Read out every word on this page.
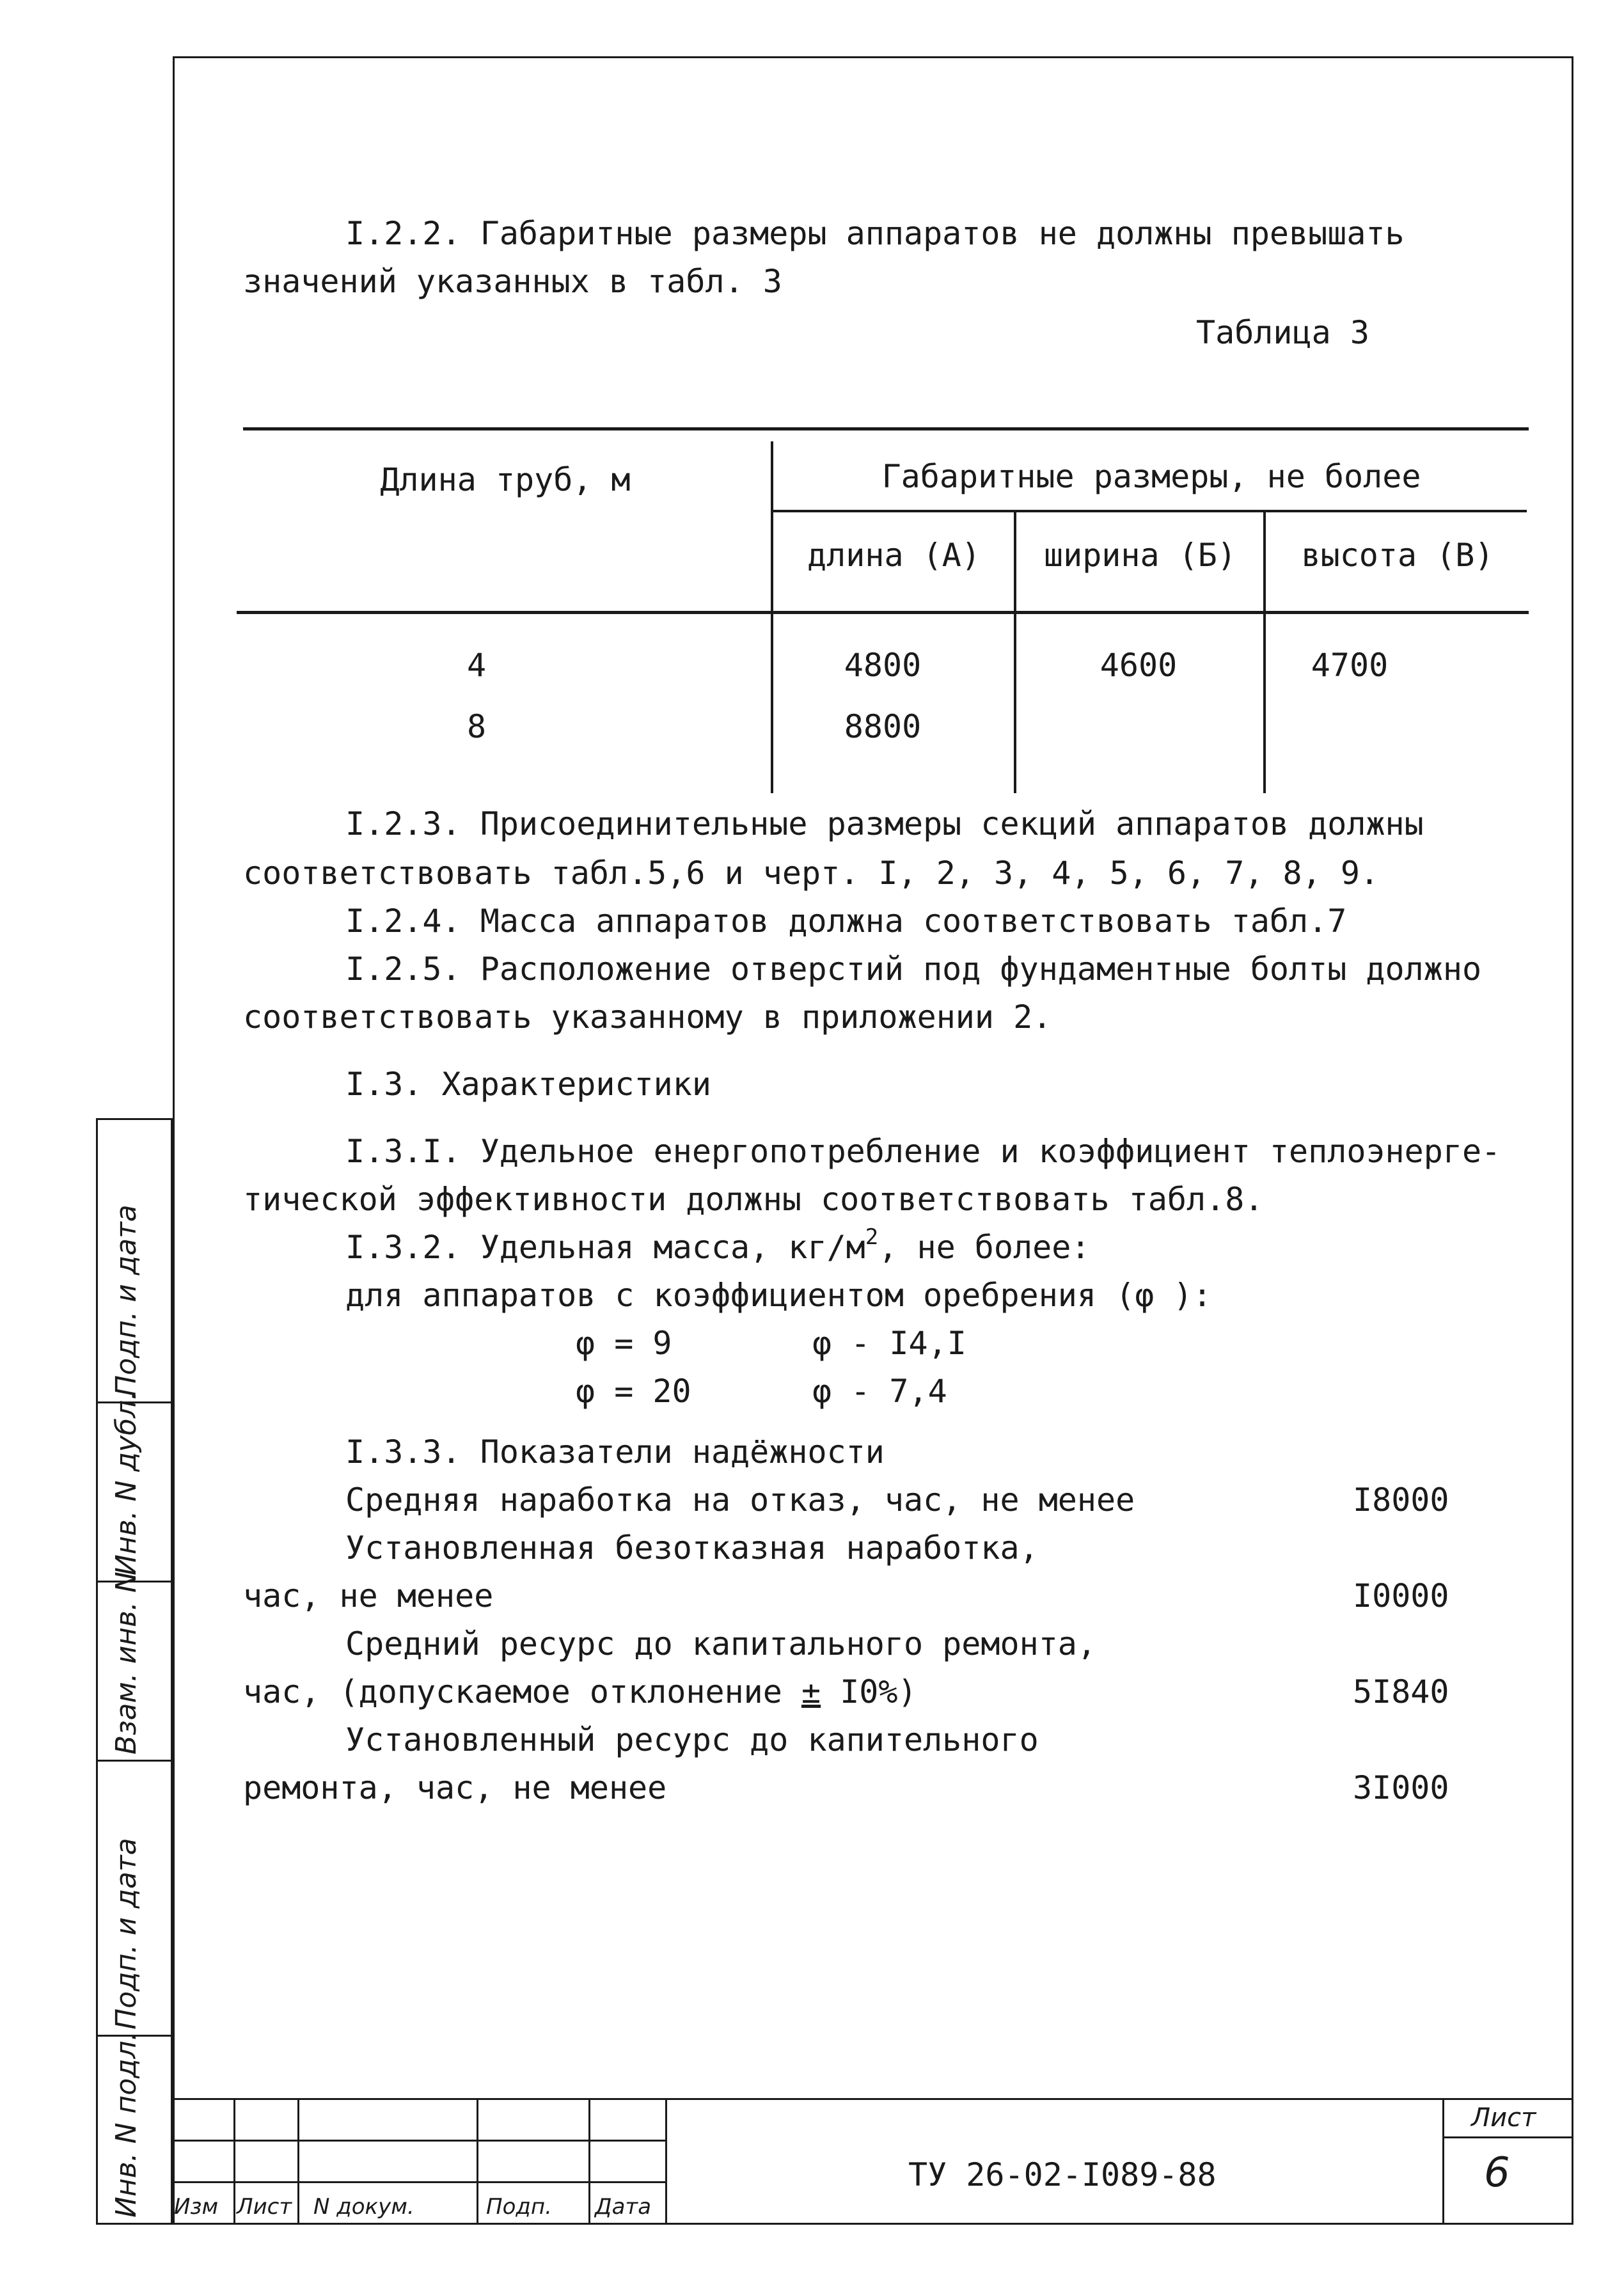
I.2.2. Габаритные размеры аппаратов не должны превышать
значений указанных в табл. 3
Таблица 3
Длина труб, м	Габаритные размеры, не более
длина (А)	ширина (Б)	высота (В)
4	4800	4600	4700
8	8800
I.2.3. Присоединительные размеры секций аппаратов должны
соответствовать табл.5,6 и черт. I, 2, 3, 4, 5, 6, 7, 8, 9.
I.2.4. Масса аппаратов должна соответствовать табл.7
I.2.5. Расположение отверстий под фундаментные болты должно
соответствовать указанному в приложении 2.
I.3. Характеристики
I.3.I. Удельное енергопотребление и коэффициент теплоэнерге-
тической эффективности должны соответствовать табл.8.
I.3.2. Удельная масса, $кг/м^2$, не более:
для аппаратов с коэффициентом оребрения (φ ):
φ = 9	φ - I4,I
φ = 20	φ - 7,4
I.3.3. Показатели надёжности
Средняя наработка на отказ, час, не менее	I8000
Установленная безотказная наработка,
час, не менее	I0000
Средний ресурс до капитального ремонта,
час, (допускаемое отклонение ± I0%)	5I840
Установленный ресурс до капительного
ремонта, час, не менее	3I000
Подп. и дата
Инв. N дубл.
Взам. инв. N
Подп. и дата
Инв. N подл. Изм Лист N докум.	Подп. Дата
ТУ 26-02-I089-88
Лист
6
